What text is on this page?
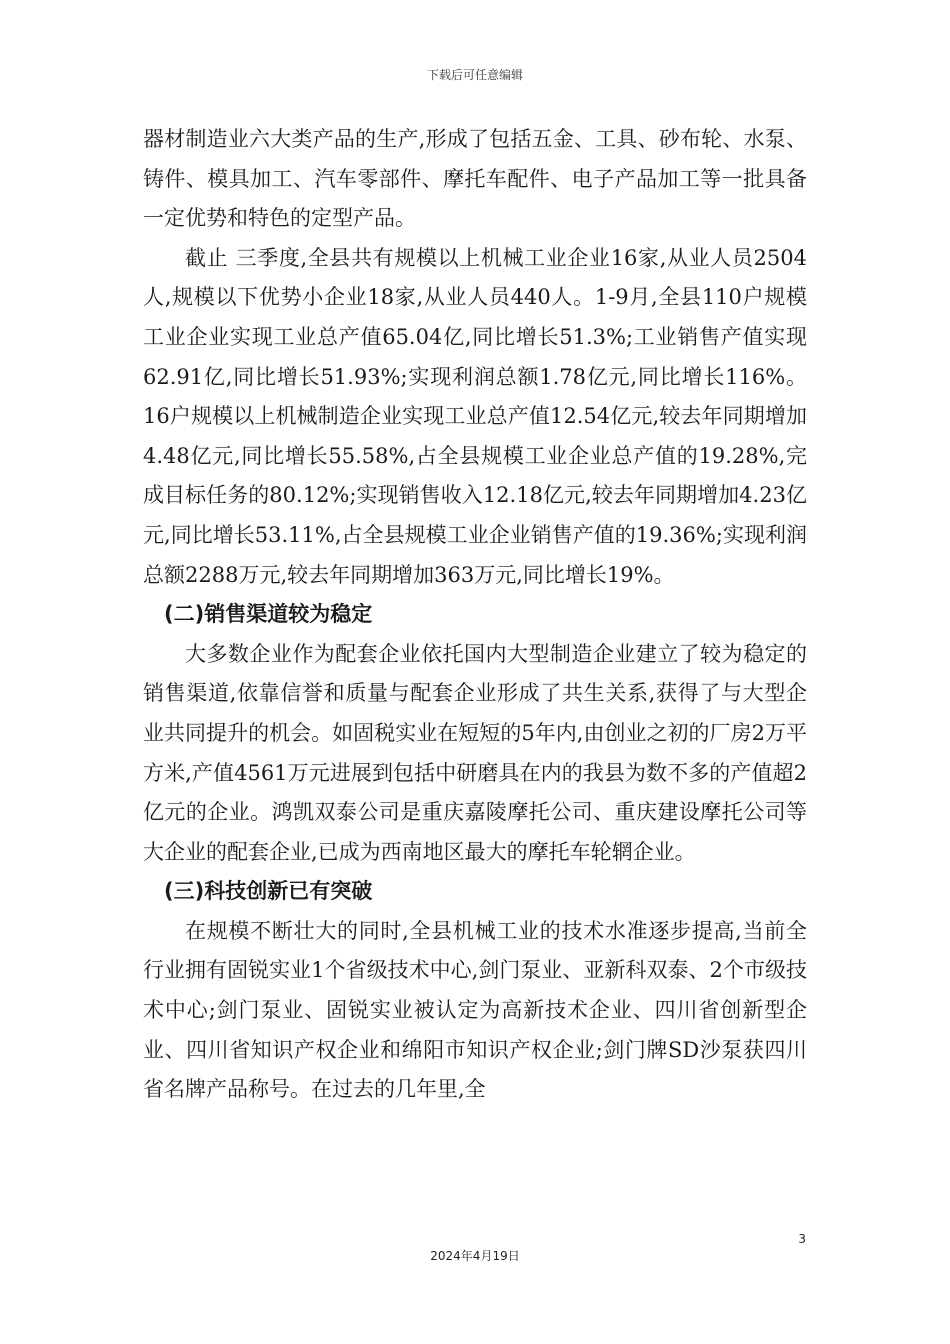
下载后可任意编辑

器材制造业六大类产品的生产,形成了包括五金、工具、砂布轮、水泵、铸件、模具加工、汽车零部件、摩托车配件、电子产品加工等一批具备一定优势和特色的定型产品。

截止 三季度,全县共有规模以上机械工业企业16家,从业人员2504人,规模以下优势小企业18家,从业人员440人。1-9月,全县110户规模工业企业实现工业总产值65.04亿,同比增长51.3%;工业销售产值实现62.91亿,同比增长51.93%;实现利润总额1.78亿元,同比增长116%。16户规模以上机械制造企业实现工业总产值12.54亿元,较去年同期增加4.48亿元,同比增长55.58%,占全县规模工业企业总产值的19.28%,完成目标任务的80.12%;实现销售收入12.18亿元,较去年同期增加4.23亿元,同比增长53.11%,占全县规模工业企业销售产值的19.36%;实现利润总额2288万元,较去年同期增加363万元,同比增长19%。

(二)销售渠道较为稳定

大多数企业作为配套企业依托国内大型制造企业建立了较为稳定的销售渠道,依靠信誉和质量与配套企业形成了共生关系,获得了与大型企业共同提升的机会。如固税实业在短短的5年内,由创业之初的厂房2万平方米,产值4561万元进展到包括中研磨具在内的我县为数不多的产值超2亿元的企业。鸿凯双泰公司是重庆嘉陵摩托公司、重庆建设摩托公司等大企业的配套企业,已成为西南地区最大的摩托车轮辋企业。

(三)科技创新已有突破

在规模不断壮大的同时,全县机械工业的技术水准逐步提高,当前全行业拥有固锐实业1个省级技术中心,剑门泵业、亚新科双泰、2个市级技术中心;剑门泵业、固锐实业被认定为高新技术企业、四川省创新型企业、四川省知识产权企业和绵阳市知识产权企业;剑门牌SD沙泵获四川省名牌产品称号。在过去的几年里,全

3
2024年4月19日
